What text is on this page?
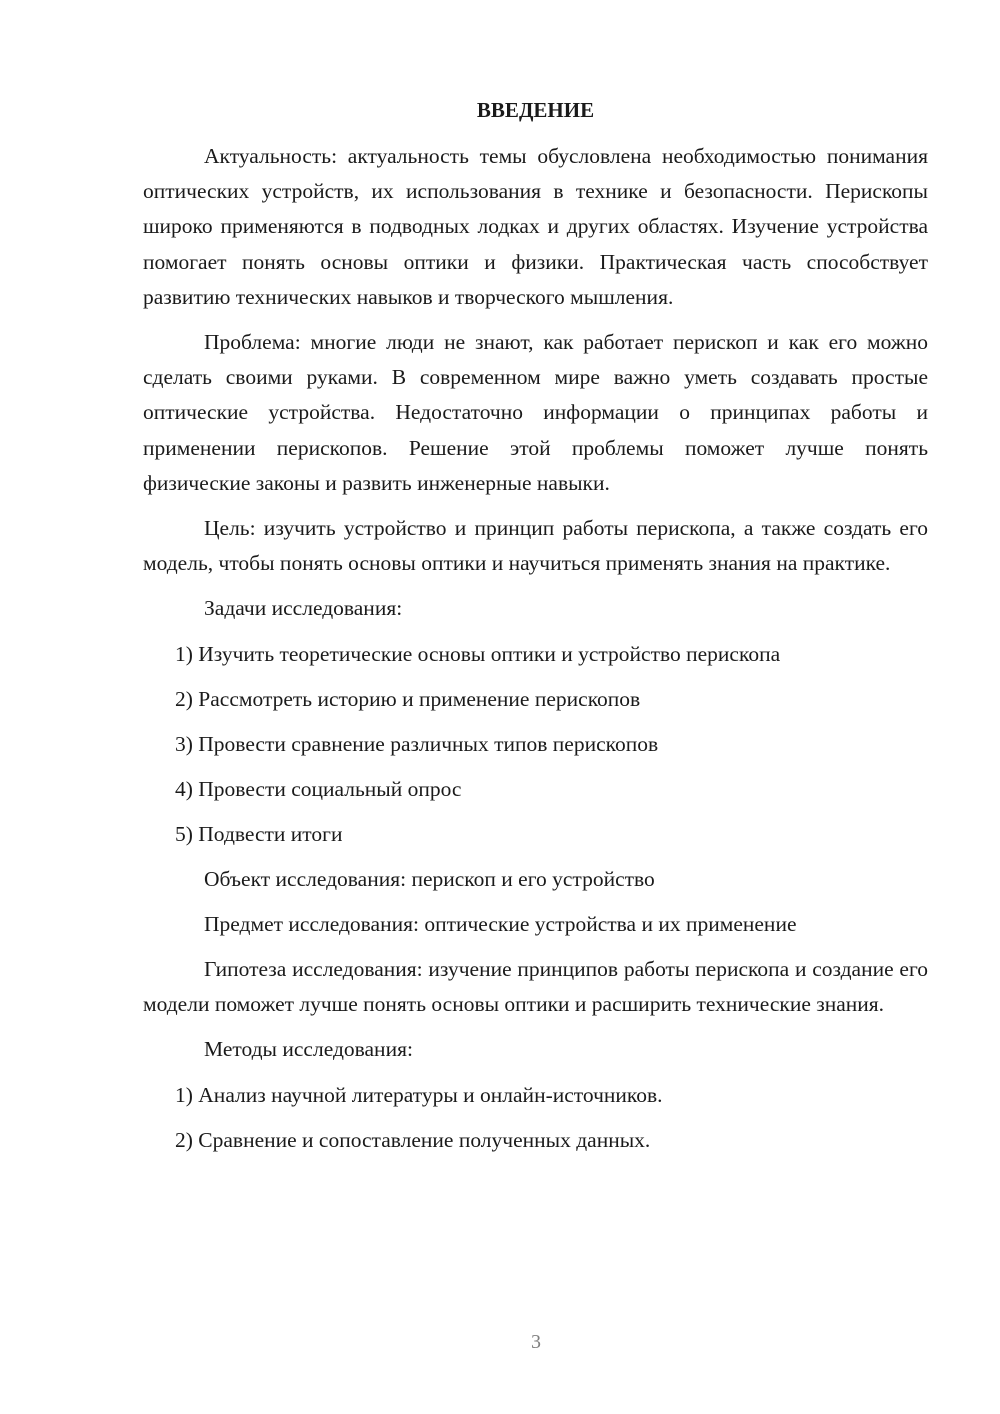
ВВЕДЕНИЕ

Актуальность: актуальность темы обусловлена необходимостью понимания оптических устройств, их использования в технике и безопасности. Перископы широко применяются в подводных лодках и других областях. Изучение устройства помогает понять основы оптики и физики. Практическая часть способствует развитию технических навыков и творческого мышления.

Проблема: многие люди не знают, как работает перископ и как его можно сделать своими руками. В современном мире важно уметь создавать простые оптические устройства. Недостаточно информации о принципах работы и применении перископов. Решение этой проблемы поможет лучше понять физические законы и развить инженерные навыки.

Цель: изучить устройство и принцип работы перископа, а также создать его модель, чтобы понять основы оптики и научиться применять знания на практике.

Задачи исследования:

1) Изучить теоретические основы оптики и устройство перископа
2) Рассмотреть историю и применение перископов
3) Провести сравнение различных типов перископов
4) Провести социальный опрос
5) Подвести итоги

Объект исследования: перископ и его устройство

Предмет исследования: оптические устройства и их применение

Гипотеза исследования: изучение принципов работы перископа и создание его модели поможет лучше понять основы оптики и расширить технические знания.

Методы исследования:

1) Анализ научной литературы и онлайн-источников.
2) Сравнение и сопоставление полученных данных.
3
